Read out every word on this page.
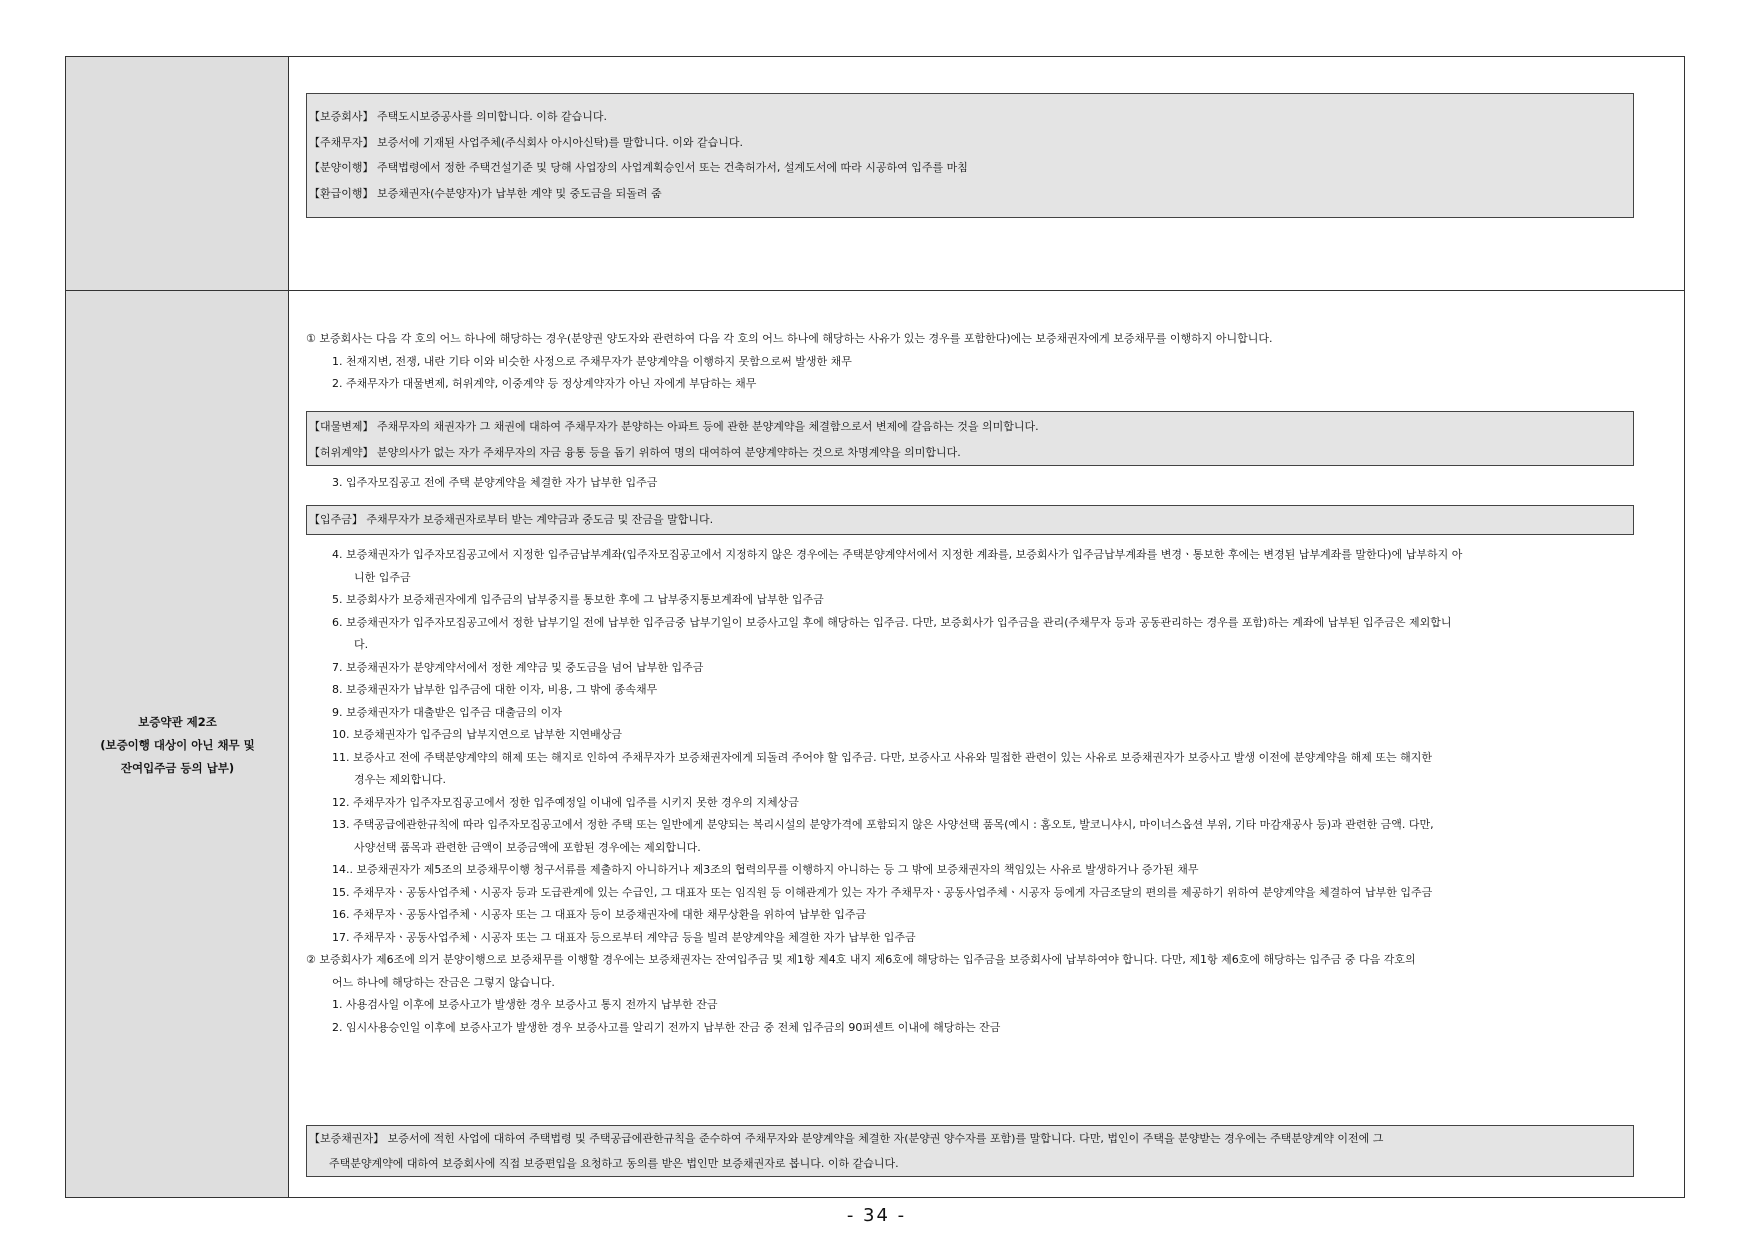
【보증회사】 주택도시보증공사를 의미합니다. 이하 같습니다.
【주채무자】 보증서에 기재된 사업주체(주식회사 아시아신탁)를 말합니다. 이와 같습니다.
【분양이행】 주택법령에서 정한 주택건설기준 및 당해 사업장의 사업계획승인서 또는 건축허가서, 설계도서에 따라 시공하여 입주를 마침
【환급이행】 보증채권자(수분양자)가 납부한 계약 및 중도금을 되돌려 줌
보증약관 제2조
(보증이행 대상이 아닌 채무 및
잔여입주금 등의 납부)
① 보증회사는 다음 각 호의 어느 하나에 해당하는 경우(분양권 양도자와 관련하여 다음 각 호의 어느 하나에 해당하는 사유가 있는 경우를 포함한다)에는 보증채권자에게 보증채무를 이행하지 아니합니다.
1. 천재지변, 전쟁, 내란 기타 이와 비슷한 사정으로 주채무자가 분양계약을 이행하지 못함으로써 발생한 채무
2. 주채무자가 대물변제, 허위계약, 이중계약 등 정상계약자가 아닌 자에게 부담하는 채무
【대물변제】 주채무자의 채권자가 그 채권에 대하여 주채무자가 분양하는 아파트 등에 관한 분양계약을 체결함으로서 변제에 갈음하는 것을 의미합니다.
【허위계약】 분양의사가 없는 자가 주채무자의 자금 융통 등을 돕기 위하여 명의 대여하여 분양계약하는 것으로 차명계약을 의미합니다.
3. 입주자모집공고 전에 주택 분양계약을 체결한 자가 납부한 입주금
【입주금】 주채무자가 보증채권자로부터 받는 계약금과 중도금 및 잔금을 말합니다.
4. 보증채권자가 입주자모집공고에서 지정한 입주금납부계좌(입주자모집공고에서 지정하지 않은 경우에는 주택분양계약서에서 지정한 계좌를, 보증회사가 입주금납부계좌를 변경ㆍ통보한 후에는 변경된 납부계좌를 말한다)에 납부하지 아
니한 입주금
5. 보증회사가 보증채권자에게 입주금의 납부중지를 통보한 후에 그 납부중지통보계좌에 납부한 입주금
6. 보증채권자가 입주자모집공고에서 정한 납부기일 전에 납부한 입주금중 납부기일이 보증사고일 후에 해당하는 입주금. 다만, 보증회사가 입주금을 관리(주채무자 등과 공동관리하는 경우를 포함)하는 계좌에 납부된 입주금은 제외합니
다.
7. 보증채권자가 분양계약서에서 정한 계약금 및 중도금을 넘어 납부한 입주금
8. 보증채권자가 납부한 입주금에 대한 이자, 비용, 그 밖에 종속채무
9. 보증채권자가 대출받은 입주금 대출금의 이자
10. 보증채권자가 입주금의 납부지연으로 납부한 지연배상금
11. 보증사고 전에 주택분양계약의 해제 또는 해지로 인하여 주채무자가 보증채권자에게 되돌려 주어야 할 입주금. 다만, 보증사고 사유와 밀접한 관련이 있는 사유로 보증채권자가 보증사고 발생 이전에 분양계약을 해제 또는 해지한
경우는 제외합니다.
12. 주채무자가 입주자모집공고에서 정한 입주예정일 이내에 입주를 시키지 못한 경우의 지체상금
13. 주택공급에관한규칙에 따라 입주자모집공고에서 정한 주택 또는 일반에게 분양되는 복리시설의 분양가격에 포함되지 않은 사양선택 품목(예시 : 홈오토, 발코니샤시, 마이너스옵션 부위, 기타 마감재공사 등)과 관련한 금액. 다만,
사양선택 품목과 관련한 금액이 보증금액에 포함된 경우에는 제외합니다.
14.. 보증채권자가 제5조의 보증채무이행 청구서류를 제출하지 아니하거나 제3조의 협력의무를 이행하지 아니하는 등 그 밖에 보증채권자의 책임있는 사유로 발생하거나 증가된 채무
15. 주채무자ㆍ공동사업주체ㆍ시공자 등과 도급관계에 있는 수급인, 그 대표자 또는 임직원 등 이해관계가 있는 자가 주채무자ㆍ공동사업주체ㆍ시공자 등에게 자금조달의 편의를 제공하기 위하여 분양계약을 체결하여 납부한 입주금
16. 주채무자ㆍ공동사업주체ㆍ시공자 또는 그 대표자 등이 보증채권자에 대한 채무상환을 위하여 납부한 입주금
17. 주채무자ㆍ공동사업주체ㆍ시공자 또는 그 대표자 등으로부터 계약금 등을 빌려 분양계약을 체결한 자가 납부한 입주금
② 보증회사가 제6조에 의거 분양이행으로 보증채무를 이행할 경우에는 보증채권자는 잔여입주금 및 제1항 제4호 내지 제6호에 해당하는 입주금을 보증회사에 납부하여야 합니다. 다만, 제1항 제6호에 해당하는 입주금 중 다음 각호의
어느 하나에 해당하는 잔금은 그렇지 않습니다.
1. 사용검사일 이후에 보증사고가 발생한 경우 보증사고 통지 전까지 납부한 잔금
2. 임시사용승인일 이후에 보증사고가 발생한 경우 보증사고를 알리기 전까지 납부한 잔금 중 전체 입주금의 90퍼센트 이내에 해당하는 잔금
【보증채권자】 보증서에 적힌 사업에 대하여 주택법령 및 주택공급에관한규칙을 준수하여 주채무자와 분양계약을 체결한 자(분양권 양수자를 포함)를 말합니다. 다만, 법인이 주택을 분양받는 경우에는 주택분양계약 이전에 그
주택분양계약에 대하여 보증회사에 직접 보증편입을 요청하고 동의를 받은 법인만 보증채권자로 봅니다. 이하 같습니다.
- 34 -
